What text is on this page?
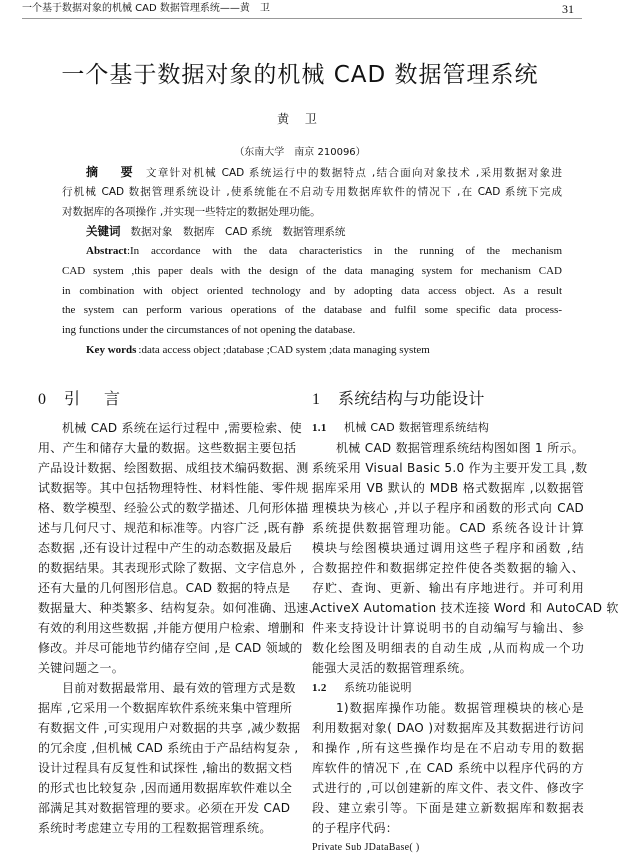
一个基于数据对象的机械 CAD 数据管理系统——黄　卫	31
一个基于数据对象的机械 CAD 数据管理系统
黄 卫
（东南大学　南京 210096）
摘　要 文章针对机械 CAD 系统运行中的数据特点 ,结合面向对象技术 ,采用数据对象进
行机械 CAD 数据管理系统设计 ,使系统能在不启动专用数据库软件的情况下 ,在 CAD 系统下完成
对数据库的各项操作 ,并实现一些特定的数据处理功能。
关键词 数据对象　数据库　CAD 系统　数据管理系统
Abstract:In accordance with the data characteristics in the running of the mechanism
CAD system ,this paper deals with the design of the data managing system for mechanism CAD
in combination with object oriented technology and by adopting data access object. As a result
the system can perform various operations of the database and fulfil some specific data process-
ing functions under the circumstances of not opening the database.
Key words :data access object ;database ;CAD system ;data managing system
0 引　言
机械 CAD 系统在运行过程中 ,需要检索、使
用、产生和储存大量的数据。这些数据主要包括
产品设计数据、绘图数据、成组技术编码数据、测
试数据等。其中包括物理特性、材料性能、零件规
格、数学模型、经验公式的数学描述、几何形体描
述与几何尺寸、规范和标准等。内容广泛 ,既有静
态数据 ,还有设计过程中产生的动态数据及最后
的数据结果。其表现形式除了数据、文字信息外 ,
还有大量的几何图形信息。CAD 数据的特点是
数据量大、种类繁多、结构复杂。如何准确、迅速、
有效的利用这些数据 ,并能方便用户检索、增删和
修改。并尽可能地节约储存空间 ,是 CAD 领域的
关键问题之一。
目前对数据最常用、最有效的管理方式是数
据库 ,它采用一个数据库软件系统来集中管理所
有数据文件 ,可实现用户对数据的共享 ,减少数据
的冗余度 ,但机械 CAD 系统由于产品结构复杂 ,
设计过程具有反复性和试探性 ,输出的数据文档
的形式也比较复杂 ,因而通用数据库软件难以全
部满足其对数据管理的要求。必须在开发 CAD
系统时考虑建立专用的工程数据管理系统。
1 系统结构与功能设计
1.1 机械 CAD 数据管理系统结构
机械 CAD 数据管理系统结构图如图 1 所示。
系统采用 Visual Basic 5.0 作为主要开发工具 ,数
据库采用 VB 默认的 MDB 格式数据库 ,以数据管
理模块为核心 ,并以子程序和函数的形式向 CAD
系统提供数据管理功能。CAD 系统各设计计算
模块与绘图模块通过调用这些子程序和函数 ,结
合数据控件和数据绑定控件使各类数据的输入、
存贮、查询、更新、输出有序地进行。并可利用
ActiveX Automation 技术连接 Word 和 AutoCAD 软
件来支持设计计算说明书的自动编写与输出、参
数化绘图及明细表的自动生成 ,从而构成一个功
能强大灵活的数据管理系统。
1.2 系统功能说明
1)数据库操作功能。数据管理模块的核心是
利用数据对象( DAO )对数据库及其数据进行访问
和操作 ,所有这些操作均是在不启动专用的数据
库软件的情况下 ,在 CAD 系统中以程序代码的方
式进行的 ,可以创建新的库文件、表文件、修改字
段、建立索引等。下面是建立新数据库和数据表
的子程序代码：
Private Sub JDataBase( )
